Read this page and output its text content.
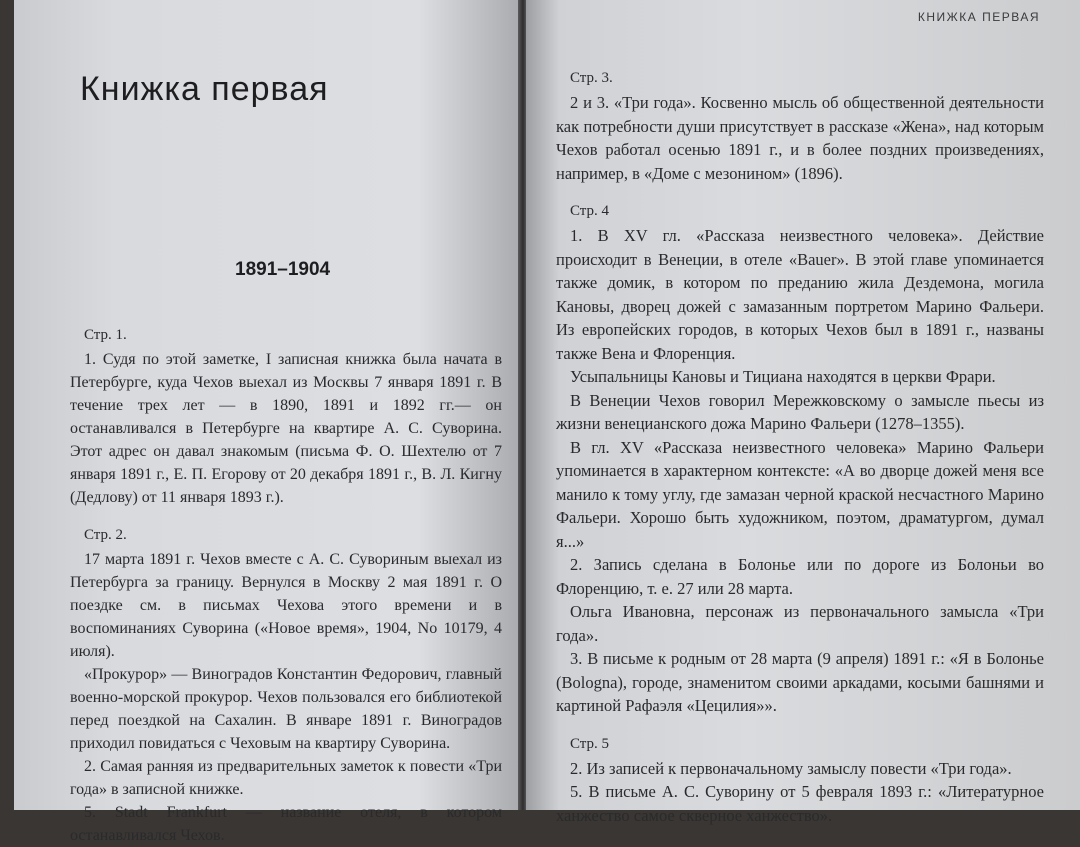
Книжка первая
1891–1904
Стр. 1.

1. Судя по этой заметке, I записная книжка была начата в Петербурге, куда Чехов выехал из Москвы 7 января 1891 г. В течение трех лет — в 1890, 1891 и 1892 гг.— он останавливался в Петербурге на квартире А. С. Суворина. Этот адрес он давал знакомым (письма Ф. О. Шехтелю от 7 января 1891 г., Е. П. Егорову от 20 декабря 1891 г., В. Л. Кигну (Дедлову) от 11 января 1893 г.).

Стр. 2.

17 марта 1891 г. Чехов вместе с А. С. Сувориным выехал из Петербурга за границу. Вернулся в Москву 2 мая 1891 г. О поездке см. в письмах Чехова этого времени и в воспоминаниях Суворина («Новое время», 1904, No 10179, 4 июля).

«Прокурор» — Виноградов Константин Федорович, главный военно-морской прокурор. Чехов пользовался его библиотекой перед поездкой на Сахалин. В январе 1891 г. Виноградов приходил повидаться с Чеховым на квартиру Суворина.

2. Самая ранняя из предварительных заметок к повести «Три года» в записной книжке.

5. Stadt Frankfurt — название отеля, в котором останавливался Чехов.

КНИЖКА ПЕРВАЯ
Стр. 3.

2 и 3. «Три года». Косвенно мысль об общественной деятельности как потребности души присутствует в рассказе «Жена», над которым Чехов работал осенью 1891 г., и в более поздних произведениях, например, в «Доме с мезонином» (1896).

Стр. 4

1. В XV гл. «Рассказа неизвестного человека». Действие происходит в Венеции, в отеле «Bauer». В этой главе упоминается также домик, в котором по преданию жила Дездемона, могила Кановы, дворец дожей с замазанным портретом Марино Фальери. Из европейских городов, в которых Чехов был в 1891 г., названы также Вена и Флоренция.

Усыпальницы Кановы и Тициана находятся в церкви Фрари.

В Венеции Чехов говорил Мережковскому о замысле пьесы из жизни венецианского дожа Марино Фальери (1278–1355).

В гл. XV «Рассказа неизвестного человека» Марино Фальери упоминается в характерном контексте: «А во дворце дожей меня все манило к тому углу, где замазан черной краской несчастного Марино Фальери. Хорошо быть художником, поэтом, драматургом, думал я...»

2. Запись сделана в Болонье или по дороге из Болоньи во Флоренцию, т. е. 27 или 28 марта.

Ольга Ивановна, персонаж из первоначального замысла «Три года».

3. В письме к родным от 28 марта (9 апреля) 1891 г.: «Я в Болонье (Bologna), городе, знаменитом своими аркадами, косыми башнями и картиной Рафаэля «Цецилия»».

Стр. 5

2. Из записей к первоначальному замыслу повести «Три года».

5. В письме А. С. Суворину от 5 февраля 1893 г.: «Литературное ханжество самое скверное ханжество».
